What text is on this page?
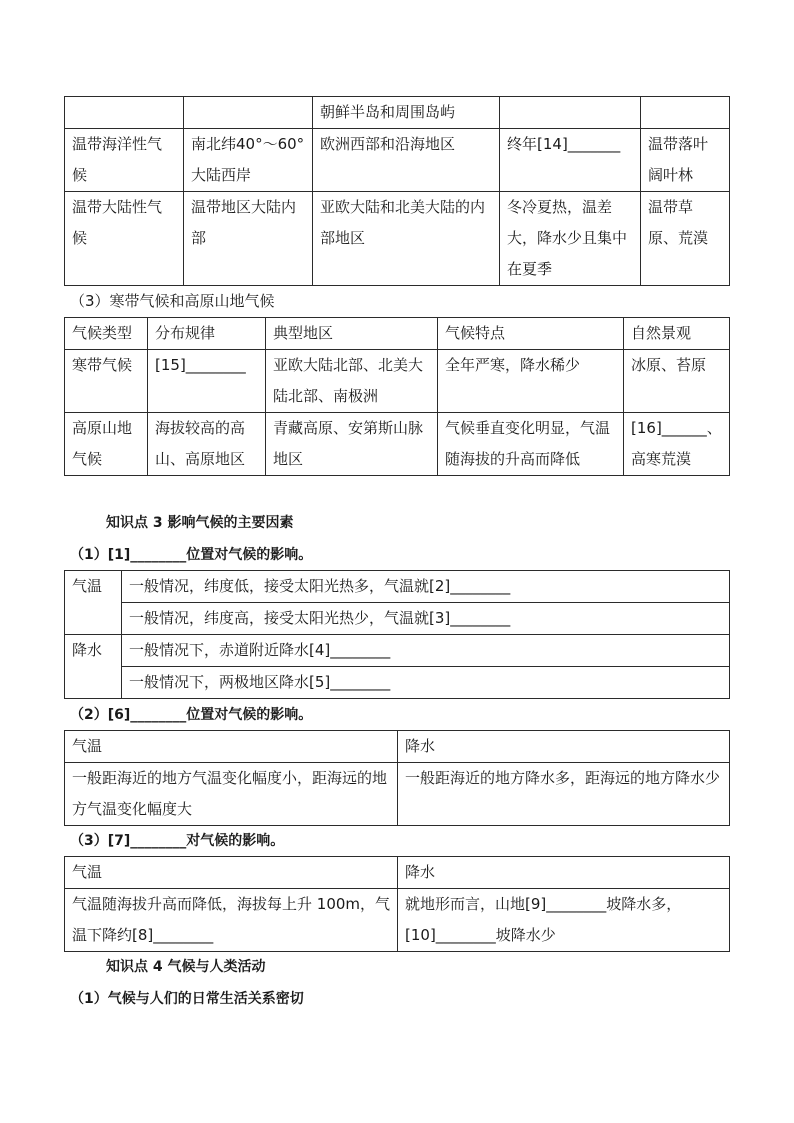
		朝鲜半岛和周围岛屿		
温带海洋性气候	南北纬40°～60°大陆西岸	欧洲西部和沿海地区	终年[14]_______	温带落叶阔叶林
温带大陆性气候	温带地区大陆内部	亚欧大陆和北美大陆的内部地区	冬冷夏热，温差大，降水少且集中在夏季	温带草原、荒漠
（3）寒带气候和高原山地气候
气候类型	分布规律	典型地区	气候特点	自然景观
寒带气候	[15]________	亚欧大陆北部、北美大陆北部、南极洲	全年严寒，降水稀少	冰原、苔原
高原山地气候	海拔较高的高山、高原地区	青藏高原、安第斯山脉地区	气候垂直变化明显，气温随海拔的升高而降低	[16]______、高寒荒漠
知识点 3 影响气候的主要因素
（1）[1]________位置对气候的影响。
气温	一般情况，纬度低，接受太阳光热多，气温就[2]________
	一般情况，纬度高，接受太阳光热少，气温就[3]________
降水	一般情况下，赤道附近降水[4]________
	一般情况下，两极地区降水[5]________
（2）[6]________位置对气候的影响。
气温	降水
一般距海近的地方气温变化幅度小，距海远的地方气温变化幅度大	一般距海近的地方降水多，距海远的地方降水少
（3）[7]________对气候的影响。
气温	降水
气温随海拔升高而降低，海拔每上升 100m，气温下降约[8]________	就地形而言，山地[9]________坡降水多，[10]________坡降水少
知识点 4 气候与人类活动
（1）气候与人们的日常生活关系密切
